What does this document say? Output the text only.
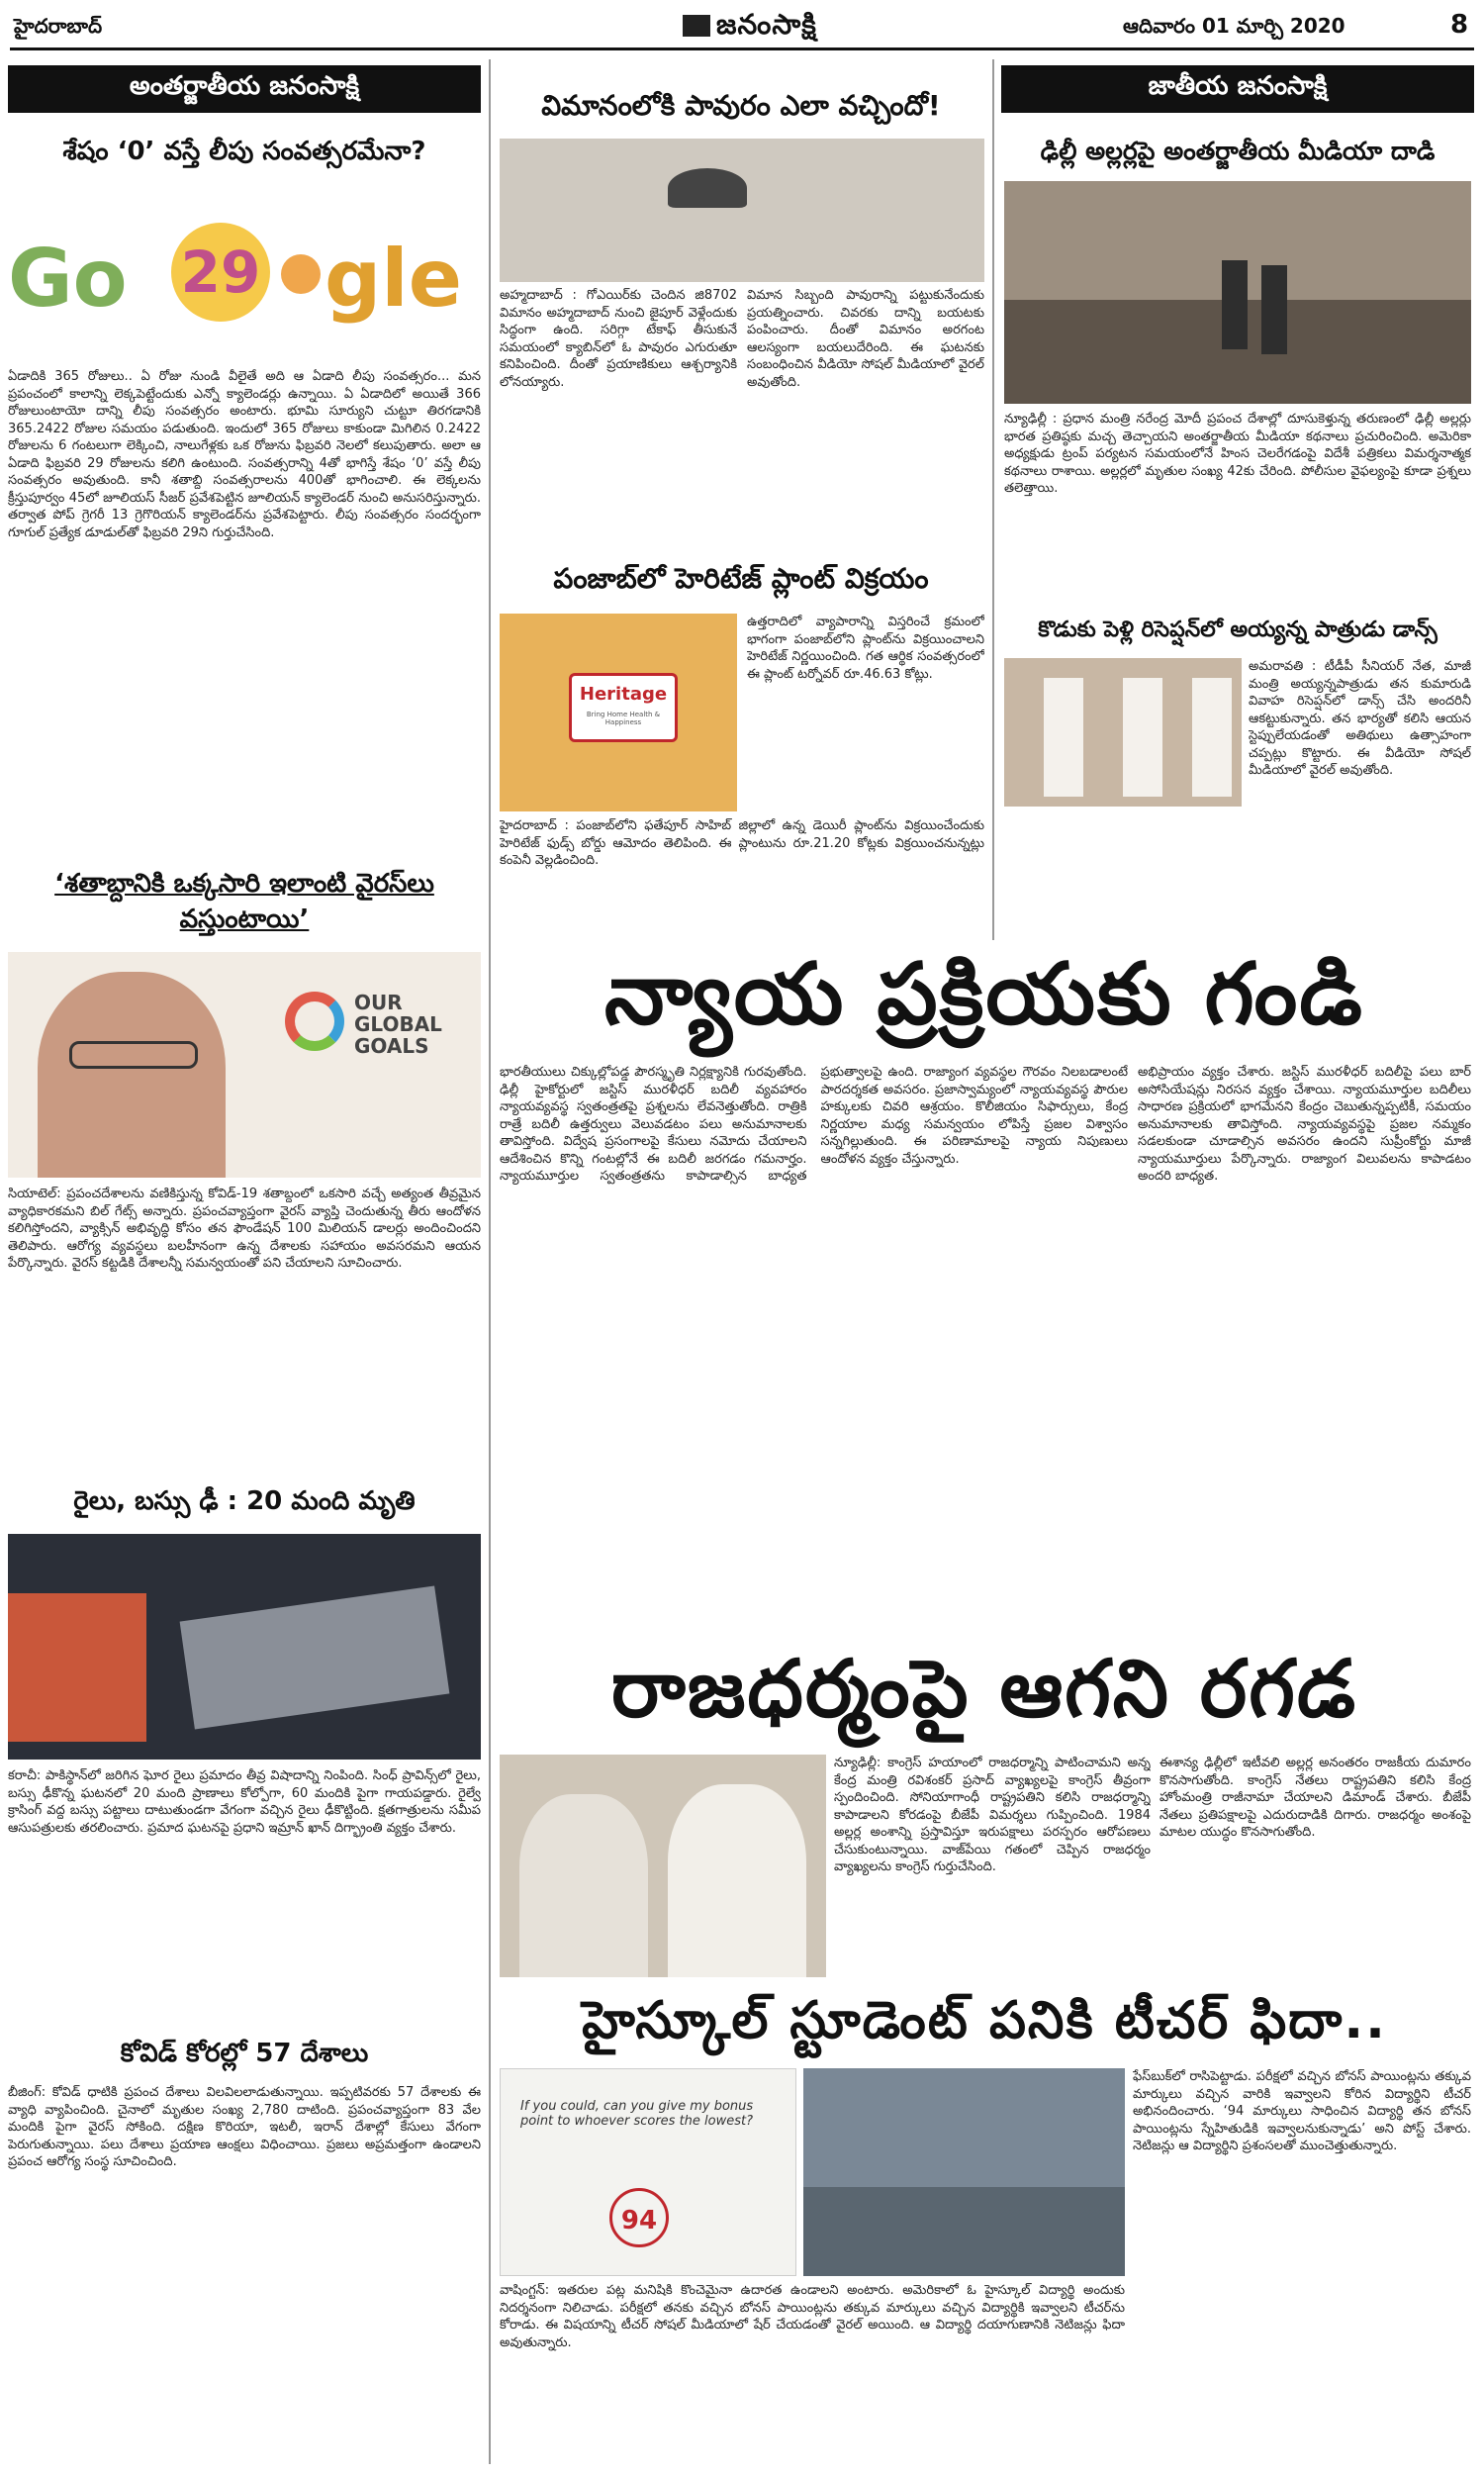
హైదరాబాద్	జనంసాక్షి	ఆదివారం 01 మార్చి 2020	8
అంతర్జాతీయ జనంసాక్షి
శేషం ‘0’ వస్తే లీపు సంవత్సరమేనా?
Go 29 gle
ఏడాదికి 365 రోజులు.. ఏ రోజు నుండి వీలైతే అది ఆ ఏడాది లీపు సంవత్సరం... మన ప్రపంచంలో కాలాన్ని లెక్కపెట్టేందుకు ఎన్నో క్యాలెండర్లు ఉన్నాయి. ఏ ఏడాదిలో అయితే 366 రోజులుంటాయో దాన్ని లీపు సంవత్సరం అంటారు. భూమి సూర్యుని చుట్టూ తిరగడానికి 365.2422 రోజుల సమయం పడుతుంది. ఇందులో 365 రోజులు కాకుండా మిగిలిన 0.2422 రోజులను 6 గంటలుగా లెక్కించి, నాలుగేళ్లకు ఒక రోజును ఫిబ్రవరి నెలలో కలుపుతారు. అలా ఆ ఏడాది ఫిబ్రవరి 29 రోజులను కలిగి ఉంటుంది. సంవత్సరాన్ని 4తో భాగిస్తే శేషం ‘0’ వస్తే లీపు సంవత్సరం అవుతుంది. కానీ శతాబ్ది సంవత్సరాలను 400తో భాగించాలి. ఈ లెక్కలను క్రీస్తుపూర్వం 45లో జూలియస్ సీజర్ ప్రవేశపెట్టిన జూలియన్ క్యాలెండర్ నుంచి అనుసరిస్తున్నారు. తర్వాత పోప్ గ్రెగరీ 13 గ్రెగొరియన్ క్యాలెండర్‌ను ప్రవేశపెట్టారు. లీపు సంవత్సరం సందర్భంగా గూగుల్ ప్రత్యేక డూడుల్‌తో ఫిబ్రవరి 29ని గుర్తుచేసింది.
‘శతాబ్దానికి ఒక్కసారి ఇలాంటి వైరస్‌లు వస్తుంటాయి’
OUR GLOBAL GOALS
సియాటెల్: ప్రపంచదేశాలను వణికిస్తున్న కోవిడ్-19 శతాబ్దంలో ఒకసారి వచ్చే అత్యంత తీవ్రమైన వ్యాధికారకమని బిల్ గేట్స్ అన్నారు. ప్రపంచవ్యాప్తంగా వైరస్ వ్యాప్తి చెందుతున్న తీరు ఆందోళన కలిగిస్తోందని, వ్యాక్సిన్ అభివృద్ధి కోసం తన ఫౌండేషన్ 100 మిలియన్ డాలర్లు అందించిందని తెలిపారు. ఆరోగ్య వ్యవస్థలు బలహీనంగా ఉన్న దేశాలకు సహాయం అవసరమని ఆయన పేర్కొన్నారు. వైరస్ కట్టడికి దేశాలన్నీ సమన్వయంతో పని చేయాలని సూచించారు.
రైలు, బస్సు ఢీ : 20 మంది మృతి
కరాచీ: పాకిస్థాన్‌లో జరిగిన ఘోర రైలు ప్రమాదం తీవ్ర విషాదాన్ని నింపింది. సింధ్ ప్రావిన్స్‌లో రైలు, బస్సు ఢీకొన్న ఘటనలో 20 మంది ప్రాణాలు కోల్పోగా, 60 మందికి పైగా గాయపడ్డారు. రైల్వే క్రాసింగ్ వద్ద బస్సు పట్టాలు దాటుతుండగా వేగంగా వచ్చిన రైలు ఢీకొట్టింది. క్షతగాత్రులను సమీప ఆసుపత్రులకు తరలించారు. ప్రమాద ఘటనపై ప్రధాని ఇమ్రాన్ ఖాన్ దిగ్భ్రాంతి వ్యక్తం చేశారు.
కోవిడ్ కోరల్లో 57 దేశాలు
బీజింగ్: కోవిడ్ ధాటికి ప్రపంచ దేశాలు విలవిలలాడుతున్నాయి. ఇప్పటివరకు 57 దేశాలకు ఈ వ్యాధి వ్యాపించింది. చైనాలో మృతుల సంఖ్య 2,780 దాటింది. ప్రపంచవ్యాప్తంగా 83 వేల మందికి పైగా వైరస్ సోకింది. దక్షిణ కొరియా, ఇటలీ, ఇరాన్ దేశాల్లో కేసులు వేగంగా పెరుగుతున్నాయి. పలు దేశాలు ప్రయాణ ఆంక్షలు విధించాయి. ప్రజలు అప్రమత్తంగా ఉండాలని ప్రపంచ ఆరోగ్య సంస్థ సూచించింది.
విమానంలోకి పావురం ఎలా వచ్చిందో!
అహ్మదాబాద్ : గోఎయిర్‌కు చెందిన జి8702 విమానం అహ్మదాబాద్ నుంచి జైపూర్ వెళ్లేందుకు సిద్ధంగా ఉంది. సరిగ్గా టేకాఫ్ తీసుకునే సమయంలో క్యాబిన్‌లో ఓ పావురం ఎగురుతూ కనిపించింది. దీంతో ప్రయాణికులు ఆశ్చర్యానికి లోనయ్యారు.
విమాన సిబ్బంది పావురాన్ని పట్టుకునేందుకు ప్రయత్నించారు. చివరకు దాన్ని బయటకు పంపించారు. దీంతో విమానం అరగంట ఆలస్యంగా బయలుదేరింది. ఈ ఘటనకు సంబంధించిన వీడియో సోషల్ మీడియాలో వైరల్ అవుతోంది.
పంజాబ్‌లో హెరిటేజ్ ప్లాంట్ విక్రయం
Heritage
Bring Home Health & Happiness
ఉత్తరాదిలో వ్యాపారాన్ని విస్తరించే క్రమంలో భాగంగా పంజాబ్‌లోని ప్లాంట్‌ను విక్రయించాలని హెరిటేజ్ నిర్ణయించింది. గత ఆర్థిక సంవత్సరంలో ఈ ప్లాంట్ టర్నోవర్ రూ.46.63 కోట్లు.
హైదరాబాద్ : పంజాబ్‌లోని ఫతేపూర్ సాహిబ్ జిల్లాలో ఉన్న డెయిరీ ప్లాంట్‌ను విక్రయించేందుకు హెరిటేజ్ ఫుడ్స్ బోర్డు ఆమోదం తెలిపింది. ఈ ప్లాంటును రూ.21.20 కోట్లకు విక్రయించనున్నట్లు కంపెనీ వెల్లడించింది.
జాతీయ జనంసాక్షి
ఢిల్లీ అల్లర్లపై అంతర్జాతీయ మీడియా దాడి
న్యూఢిల్లీ : ప్రధాన మంత్రి నరేంద్ర మోదీ ప్రపంచ దేశాల్లో దూసుకెళ్తున్న తరుణంలో ఢిల్లీ అల్లర్లు భారత ప్రతిష్ఠకు మచ్చ తెచ్చాయని అంతర్జాతీయ మీడియా కథనాలు ప్రచురించింది. అమెరికా అధ్యక్షుడు ట్రంప్ పర్యటన సమయంలోనే హింస చెలరేగడంపై విదేశీ పత్రికలు విమర్శనాత్మక కథనాలు రాశాయి. అల్లర్లలో మృతుల సంఖ్య 42కు చేరింది. పోలీసుల వైఫల్యంపై కూడా ప్రశ్నలు తలెత్తాయి.
కొడుకు పెళ్లి రిసెప్షన్‌లో అయ్యన్న పాత్రుడు డాన్స్
అమరావతి : టీడీపీ సీనియర్ నేత, మాజీ మంత్రి అయ్యన్నపాత్రుడు తన కుమారుడి వివాహ రిసెప్షన్‌లో డాన్స్ చేసి అందరినీ ఆకట్టుకున్నారు. తన భార్యతో కలిసి ఆయన స్టెప్పులేయడంతో అతిథులు ఉత్సాహంగా చప్పట్లు కొట్టారు. ఈ వీడియో సోషల్ మీడియాలో వైరల్ అవుతోంది.
న్యాయ ప్రక్రియకు గండి
భారతీయులు చిక్కుల్లోపడ్డ పౌరస్మృతి నిర్లక్ష్యానికి గురవుతోంది. ఢిల్లీ హైకోర్టులో జస్టిస్ మురళీధర్ బదిలీ వ్యవహారం న్యాయవ్యవస్థ స్వతంత్రతపై ప్రశ్నలను లేవనెత్తుతోంది. రాత్రికి రాత్రే బదిలీ ఉత్తర్వులు వెలువడటం పలు అనుమానాలకు తావిస్తోంది. విద్వేష ప్రసంగాలపై కేసులు నమోదు చేయాలని ఆదేశించిన కొన్ని గంటల్లోనే ఈ బదిలీ జరగడం గమనార్హం. న్యాయమూర్తుల స్వతంత్రతను కాపాడాల్సిన బాధ్యత ప్రభుత్వాలపై ఉంది. రాజ్యాంగ వ్యవస్థల గౌరవం నిలబడాలంటే పారదర్శకత అవసరం. ప్రజాస్వామ్యంలో న్యాయవ్యవస్థ పౌరుల హక్కులకు చివరి ఆశ్రయం. కొలీజియం సిఫార్సులు, కేంద్ర నిర్ణయాల మధ్య సమన్వయం లోపిస్తే ప్రజల విశ్వాసం సన్నగిల్లుతుంది. ఈ పరిణామాలపై న్యాయ నిపుణులు ఆందోళన వ్యక్తం చేస్తున్నారు.
అభిప్రాయం వ్యక్తం చేశారు. జస్టిస్ మురళీధర్ బదిలీపై పలు బార్ అసోసియేషన్లు నిరసన వ్యక్తం చేశాయి. న్యాయమూర్తుల బదిలీలు సాధారణ ప్రక్రియలో భాగమేనని కేంద్రం చెబుతున్నప్పటికీ, సమయం అనుమానాలకు తావిస్తోంది. న్యాయవ్యవస్థపై ప్రజల నమ్మకం సడలకుండా చూడాల్సిన అవసరం ఉందని సుప్రీంకోర్టు మాజీ న్యాయమూర్తులు పేర్కొన్నారు. రాజ్యాంగ విలువలను కాపాడటం అందరి బాధ్యత.
రాజధర్మంపై ఆగని రగడ
న్యూఢిల్లీ: కాంగ్రెస్ హయాంలో రాజధర్మాన్ని పాటించామని అన్న కేంద్ర మంత్రి రవిశంకర్ ప్రసాద్ వ్యాఖ్యలపై కాంగ్రెస్ తీవ్రంగా స్పందించింది. సోనియాగాంధీ రాష్ట్రపతిని కలిసి రాజధర్మాన్ని కాపాడాలని కోరడంపై బీజేపీ విమర్శలు గుప్పించింది. 1984 అల్లర్ల అంశాన్ని ప్రస్తావిస్తూ ఇరుపక్షాలు పరస్పరం ఆరోపణలు చేసుకుంటున్నాయి. వాజ్‌పేయి గతంలో చెప్పిన రాజధర్మం వ్యాఖ్యలను కాంగ్రెస్ గుర్తుచేసింది.
ఈశాన్య ఢిల్లీలో ఇటీవలి అల్లర్ల అనంతరం రాజకీయ దుమారం కొనసాగుతోంది. కాంగ్రెస్ నేతలు రాష్ట్రపతిని కలిసి కేంద్ర హోంమంత్రి రాజీనామా చేయాలని డిమాండ్ చేశారు. బీజేపీ నేతలు ప్రతిపక్షాలపై ఎదురుదాడికి దిగారు. రాజధర్మం అంశంపై మాటల యుద్ధం కొనసాగుతోంది.
హైస్కూల్ స్టూడెంట్ పనికి టీచర్ ఫిదా..
If you could, can you give my bonus point to whoever scores the lowest?
94
వాషింగ్టన్: ఇతరుల పట్ల మనిషికి కొంచెమైనా ఉదారత ఉండాలని అంటారు. అమెరికాలో ఓ హైస్కూల్ విద్యార్థి అందుకు నిదర్శనంగా నిలిచాడు. పరీక్షలో తనకు వచ్చిన బోనస్ పాయింట్లను తక్కువ మార్కులు వచ్చిన విద్యార్థికి ఇవ్వాలని టీచర్‌ను కోరాడు. ఈ విషయాన్ని టీచర్ సోషల్ మీడియాలో షేర్ చేయడంతో వైరల్ అయింది. ఆ విద్యార్థి దయాగుణానికి నెటిజన్లు ఫిదా అవుతున్నారు.
ఫేస్‌బుక్‌లో రాసిపెట్టాడు. పరీక్షలో వచ్చిన బోనస్ పాయింట్లను తక్కువ మార్కులు వచ్చిన వారికి ఇవ్వాలని కోరిన విద్యార్థిని టీచర్ అభినందించారు. ‘94 మార్కులు సాధించిన విద్యార్థి తన బోనస్ పాయింట్లను స్నేహితుడికి ఇవ్వాలనుకున్నాడు’ అని పోస్ట్ చేశారు. నెటిజన్లు ఆ విద్యార్థిని ప్రశంసలతో ముంచెత్తుతున్నారు.
